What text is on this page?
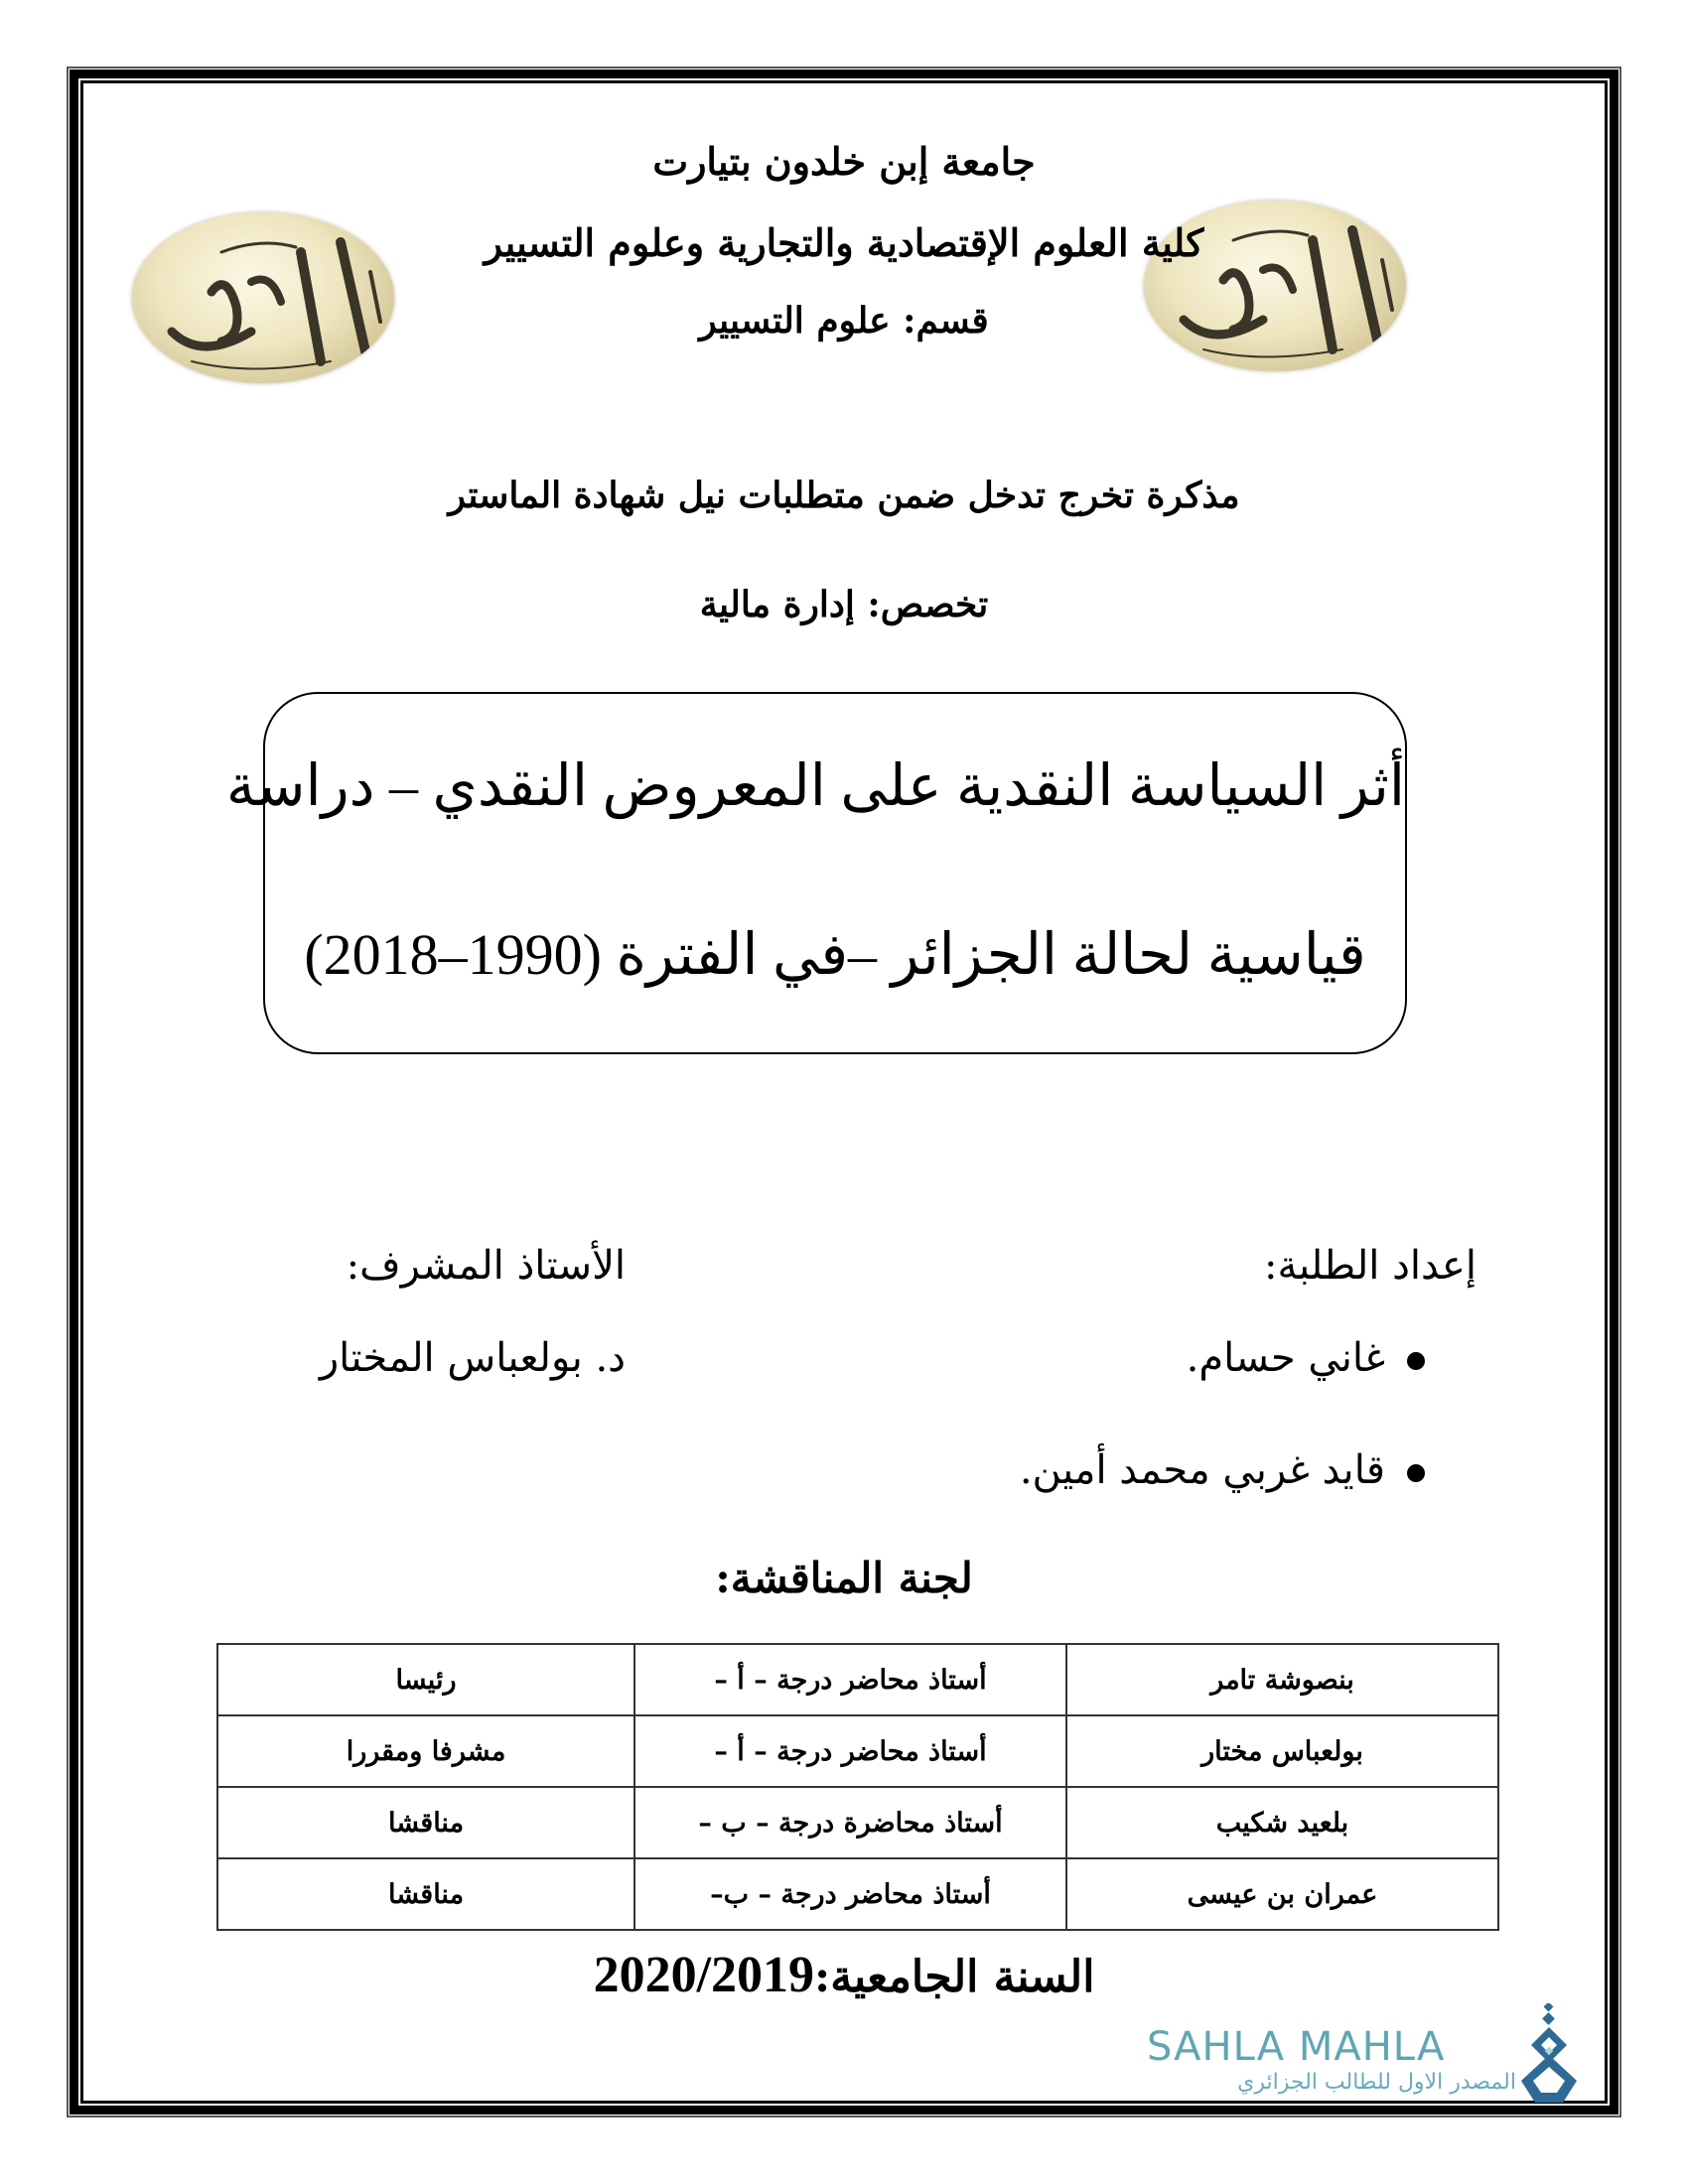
جامعة إبن خلدون بتيارت
كلية العلوم الإقتصادية والتجارية وعلوم التسيير
قسم: علوم التسيير
مذكرة تخرج تدخل ضمن متطلبات نيل شهادة الماستر
تخصص: إدارة مالية
أثر السياسة النقدية على المعروض النقدي – دراسة
قياسية لحالة الجزائر –في الفترة (1990–2018)
إعداد الطلبة:
الأستاذ المشرف:
غاني حسام.
قايد غربي محمد أمين.
د. بولعباس المختار
لجنة المناقشة:
بنصوشة تامر	أستاذ محاضر درجة – أ –	رئيسا
بولعباس مختار	أستاذ محاضر درجة – أ –	مشرفا ومقررا
بلعيد شكيب	أستاذ محاضرة درجة – ب –	مناقشا
عمران بن عيسى	أستاذ محاضر درجة – ب–	مناقشا
السنة الجامعية:2020/2019
SAHLA MAHLA
المصدر الاول للطالب الجزائري
